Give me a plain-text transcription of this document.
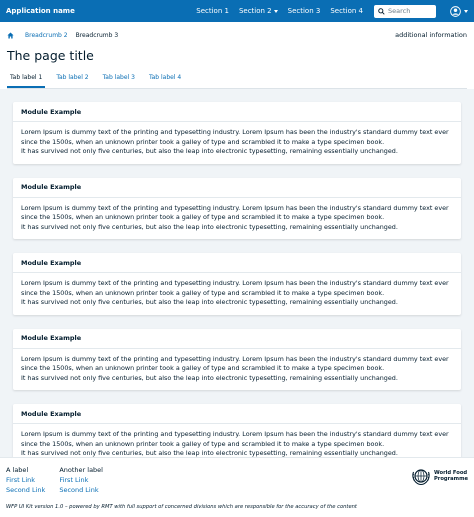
Application name	Section 1 Section 2 Section 3 Section 4
Search
Breadcrumb 2 Breadcrumb 3	additional information
The page title
Tab label 1	Tab label 2	Tab label 3	Tab label 4
Module Example

Lorem Ipsum is dummy text of the printing and typesetting industry. Lorem Ipsum has been the industry's standard dummy text ever since the 1500s, when an unknown printer took a galley of type and scrambled it to make a type specimen book.

It has survived not only five centuries, but also the leap into electronic typesetting, remaining essentially unchanged.

Module Example

Lorem Ipsum is dummy text of the printing and typesetting industry. Lorem Ipsum has been the industry's standard dummy text ever since the 1500s, when an unknown printer took a galley of type and scrambled it to make a type specimen book.

It has survived not only five centuries, but also the leap into electronic typesetting, remaining essentially unchanged.

Module Example

Lorem Ipsum is dummy text of the printing and typesetting industry. Lorem Ipsum has been the industry's standard dummy text ever since the 1500s, when an unknown printer took a galley of type and scrambled it to make a type specimen book.

It has survived not only five centuries, but also the leap into electronic typesetting, remaining essentially unchanged.

Module Example

Lorem Ipsum is dummy text of the printing and typesetting industry. Lorem Ipsum has been the industry's standard dummy text ever since the 1500s, when an unknown printer took a galley of type and scrambled it to make a type specimen book.

It has survived not only five centuries, but also the leap into electronic typesetting, remaining essentially unchanged.

Module Example

Lorem Ipsum is dummy text of the printing and typesetting industry. Lorem Ipsum has been the industry's standard dummy text ever since the 1500s, when an unknown printer took a galley of type and scrambled it to make a type specimen book.

It has survived not only five centuries, but also the leap into electronic typesetting, remaining essentially unchanged.

A label
First Link
Second Link
Another label
First Link
Second Link
World Food
Programme
WFP UI Kit version 1.0 – powered by RMT with full support of concerned divisions which are responsible for the accuracy of the content
